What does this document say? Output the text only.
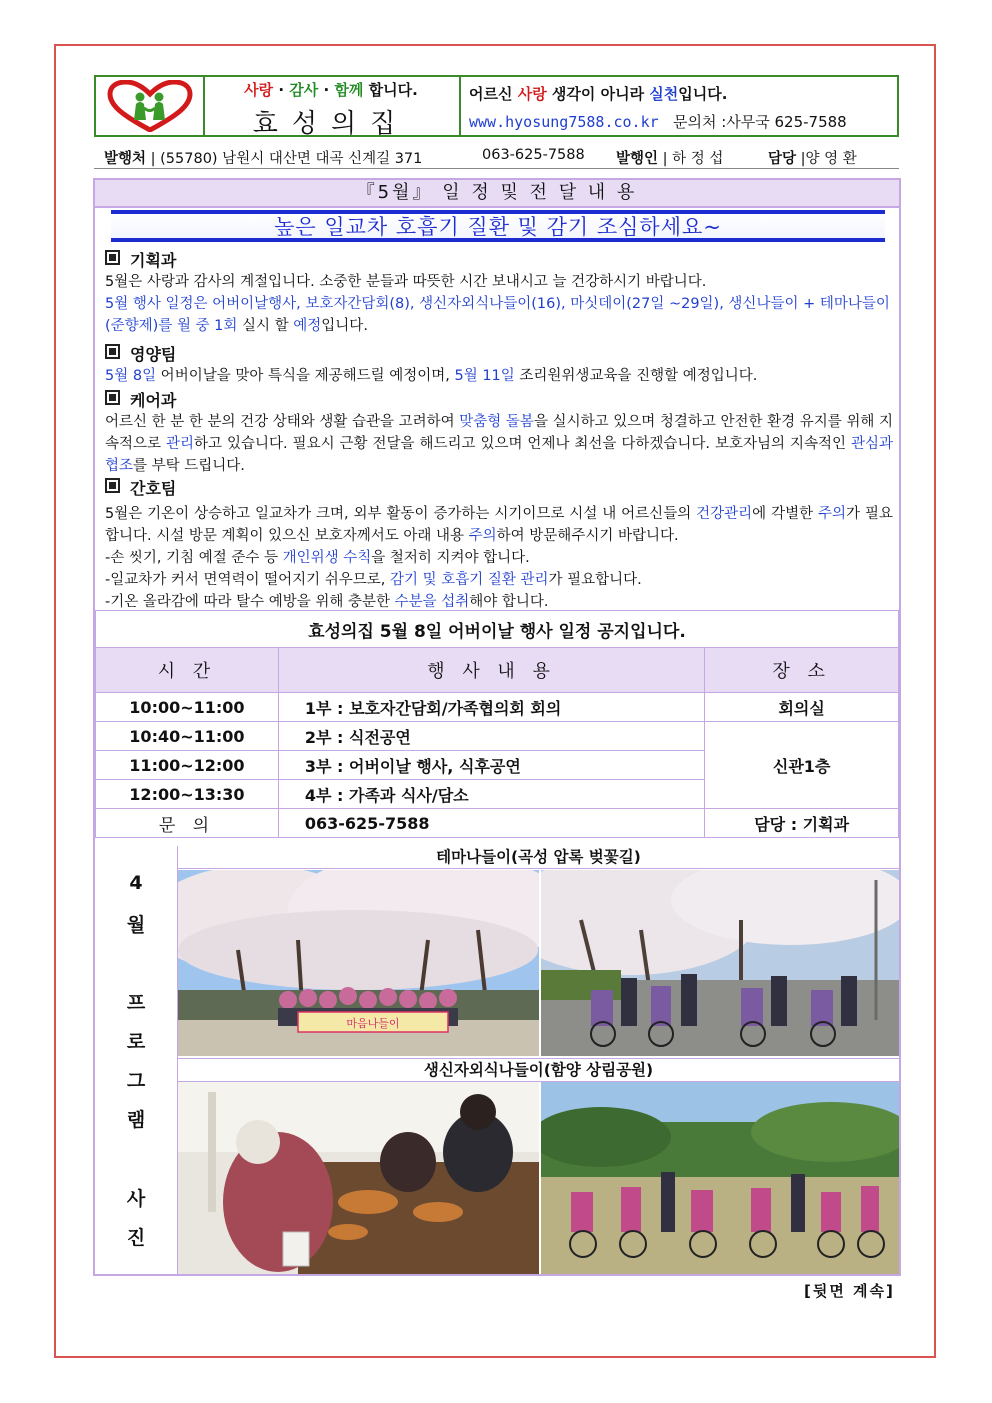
사랑 · 감사 · 함께 합니다.
효성의집
어르신 사랑 생각이 아니라 실천입니다.
www.hyosung7588.co.kr 문의처 :사무국 625-7588
발행처 | (55780) 남원시 대산면 대곡 신계길 371	063-625-7588 발행인 | 하 정 섭	담당 |양 영 환
『5월』 일 정 및 전 달 내 용
높은 일교차 호흡기 질환 및 감기 조심하세요~
기획과
5월은 사랑과 감사의 계절입니다. 소중한 분들과 따뜻한 시간 보내시고 늘 건강하시기 바랍니다.
5월 행사 일정은 어버이날행사, 보호자간담회(8), 생신자외식나들이(16), 마싯데이(27일 ~29일), 생신나들이 + 테마나들이(준향제)를 월 중 1회 실시 할 예정입니다.
영양팀
5월 8일 어버이날을 맞아 특식을 제공해드릴 예정이며, 5월 11일 조리원위생교육을 진행할 예정입니다.
케어과
어르신 한 분 한 분의 건강 상태와 생활 습관을 고려하여 맞춤형 돌봄을 실시하고 있으며 청결하고 안전한 환경 유지를 위해 지속적으로 관리하고 있습니다. 필요시 근황 전달을 해드리고 있으며 언제나 최선을 다하겠습니다. 보호자님의 지속적인 관심과 협조를 부탁 드립니다.
간호팀
5월은 기온이 상승하고 일교차가 크며, 외부 활동이 증가하는 시기이므로 시설 내 어르신들의 건강관리에 각별한 주의가 필요합니다. 시설 방문 계획이 있으신 보호자께서도 아래 내용 주의하여 방문해주시기 바랍니다.
-손 씻기, 기침 예절 준수 등 개인위생 수칙을 철저히 지켜야 합니다.
-일교차가 커서 면역력이 떨어지기 쉬우므로, 감기 및 호흡기 질환 관리가 필요합니다.
-기온 올라감에 따라 탈수 예방을 위해 충분한 수분을 섭취해야 합니다.
효성의집 5월 8일 어버이날 행사 일정 공지입니다.		
시 간	행 사 내 용	장 소
10:00~11:00	1부 : 보호자간담회/가족협의회 회의	회의실
10:40~11:00	2부 : 식전공연	신관1층
11:00~12:00	3부 : 어버이날 행사, 식후공연	
12:00~13:30	4부 : 가족과 식사/담소	
문 의	063-625-7588	담당 : 기획과
4
월
프
로
그
램
사
진
테마나들이(곡성 압록 벚꽃길)
마음나들이
생신자외식나들이(함양 상림공원)
[뒷면 계속]
